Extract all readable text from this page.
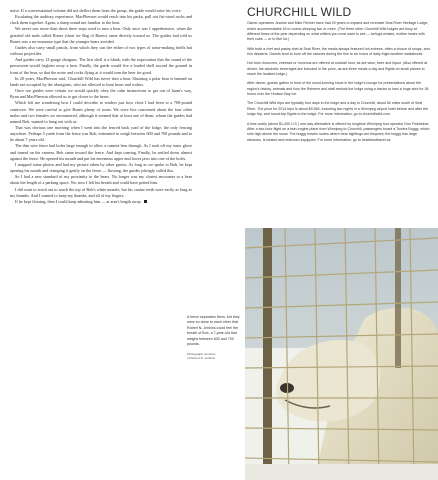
noise. If a conversational volume did not deflect them from the group, the guide would raise his voice.

Escalating the auditory experience, MacPherson would reach into his parka, pull out fist-sized rocks and clack them together. Again, a sharp sound not familiar to the bear.

We never saw more than those three steps used to turn a bear. Only once was I apprehensive, when the grizzled old male called Bones (short for Bag of Bones) came directly toward us. The guides had told us Bones was a no-nonsense type that the younger bears avoided.

Guides also carry small pistols, from which they can fire either of two types of noise-making shells but without projectiles.

And guides carry 12-gauge shotguns. The first shell is a blank, with the expectation that the sound of the percussion would frighten away a bear. Finally, the guide would fire a loaded shell toward the ground in front of the bear, so that the noise and rocks flying at it would turn the bear for good.

In 20 years, MacPherson said, Churchill Wild has never shot a bear. Shooting a polar bear is banned on lands not occupied by the aborigines, who are allowed to hunt bears and walrus.

Once our guides were certain we would quickly obey the calm instructions to get out of harm's way, Ryan and MacPherson allowed us to get closer to the bears.

Which left me wondering how I could describe to readers just how close I had been to a 700-pound carnivore. We were careful to give Bones plenty of room. We were less concerned about the four other males and two females we encountered, although it seemed that at least one of them, whom the guides had named Bob, wanted to hang out with us.

That was obvious one morning when I went into the fenced back yard of the lodge, the only fencing anywhere. Perhaps 5 yards from the fence was Bob, estimated to weigh between 600 and 700 pounds and to be about 7 years old.

The thin wire fence had holes large enough to allow a camera lens through. As I took off my outer glove and turned on the camera, Bob came toward the fence. And kept coming. Finally, he settled down almost against the fence. He opened his mouth and put his enormous upper and lower jaws into one of the holes.

I snapped some photos and had my picture taken by other guests. As long as we spoke to Bob, he kept opening his mouth and clamping it gently on the fence — flossing, the guides jokingly called this.

So I had a new standard of my proximity to the bears. No longer was my closest encounter to a bear about the length of a parking space. No, now I felt his breath and could have petted him.

I did want to reach out to touch the top of Bob's white muzzle, but his canine teeth were easily as long as my thumbs. And I wanted to keep my thumbs, and all of my fingers.

If he kept flossing, then I could keep admiring him — at arm's length away.

A fence separates them, but they were so close to each other that Robert N. Jenkins could feel the breath of Bob, a 7-year-old that weighs between 600 and 700 pounds.
Photograph courtesy
of Robert N. Jenkins
CHURCHILL WILD

Owner-operators Jeanne and Mike Reimer have had 20 years to expand and renovate Seal River Heritage Lodge, which accommodates 16 in rooms sleeping two or more. (The three other Churchill Wild lodges are busy at different times of the year depending on what critters you most want to see — beluga whales, mother bears with their cubs — or to fish for.)

With both a chef and pastry chef at Seal River, the meals always featured hot entrees, often a choice of soups, and rich desserts. Guests tend to burn off the calories during the five to six hours of daily frigid-weather walkabouts.

Hot hors d'oeuvres, cheeses or hummus are offered at cocktail hour, as are wine, beer and liquor. (Also offered at dinner, the alcoholic beverages are included in the price, as are three meals a day and flights on small planes to reach the isolated lodge.)

After dinner, guests gather in front of the wood-burning stove in the lodge's lounge for presentations about the region's history, animals and how the Reimers and staff restock the lodge using a tractor to haul a huge sled for 36 hours over the Hudson Bay ice.

The Churchill Wild trips are typically four days in the lodge and a day in Churchill, about 60 miles south of Seal River. The price for 2014 trips is about $9,560, including two nights in a Winnipeg airport hotel before and after the lodge trip, and round-trip flights to the lodge. For more information, go to churchillwild.com.

A less costly (about $1,400 U.S.) one-day alternative is offered by longtime Winnipeg tour operator Don Finkbeiner. After a two-hour flight on a twin-engine plane from Winnipeg to Churchill, passengers board a Tundra Buggy, which rolls high above the snow. The buggy travels routes where bear sightings are frequent; the buggy has large windows, is heated and restroom-equipped. For more information, go to heartlandtravel.ca.
